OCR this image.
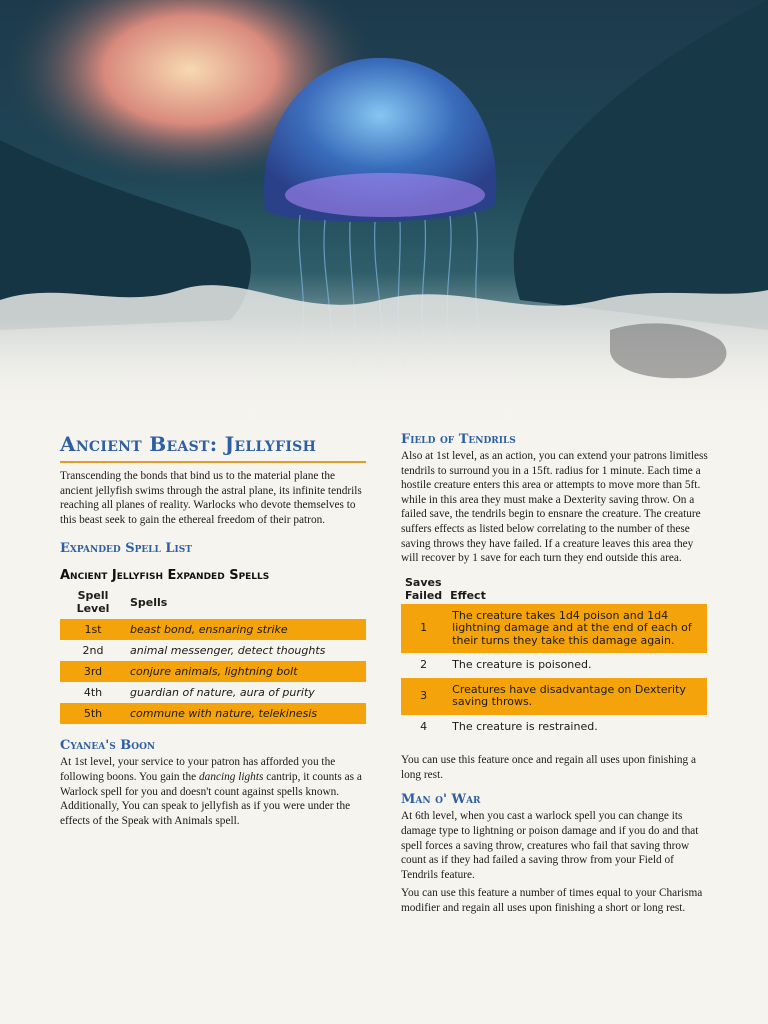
Ancient Beast: Jellyfish

Transcending the bonds that bind us to the material plane the ancient jellyfish swims through the astral plane, its infinite tendrils reaching all planes of reality. Warlocks who devote themselves to this beast seek to gain the ethereal freedom of their patron.

Expanded Spell List
Ancient Jellyfish Expanded Spells
Spell Level	Spells
1st	beast bond, ensnaring strike
2nd	animal messenger, detect thoughts
3rd	conjure animals, lightning bolt
4th	guardian of nature, aura of purity
5th	commune with nature, telekinesis
Cyanea's Boon

At 1st level, your service to your patron has afforded you the following boons. You gain the dancing lights cantrip, it counts as a Warlock spell for you and doesn't count against spells known. Additionally, You can speak to jellyfish as if you were under the effects of the Speak with Animals spell.

Field of Tendrils

Also at 1st level, as an action, you can extend your patrons limitless tendrils to surround you in a 15ft. radius for 1 minute. Each time a hostile creature enters this area or attempts to move more than 5ft. while in this area they must make a Dexterity saving throw. On a failed save, the tendrils begin to ensnare the creature. The creature suffers effects as listed below correlating to the number of these saving throws they have failed. If a creature leaves this area they will recover by 1 save for each turn they end outside this area.

Saves
Failed	Effect
1	The creature takes 1d4 poison and 1d4 lightning damage and at the end of each of their turns they take this damage again.
2	The creature is poisoned.
3	Creatures have disadvantage on Dexterity saving throws.
4	The creature is restrained.

You can use this feature once and regain all uses upon finishing a long rest.

Man o' War

At 6th level, when you cast a warlock spell you can change its damage type to lightning or poison damage and if you do and that spell forces a saving throw, creatures who fail that saving throw count as if they had failed a saving throw from your Field of Tendrils feature.

You can use this feature a number of times equal to your Charisma modifier and regain all uses upon finishing a short or long rest.
